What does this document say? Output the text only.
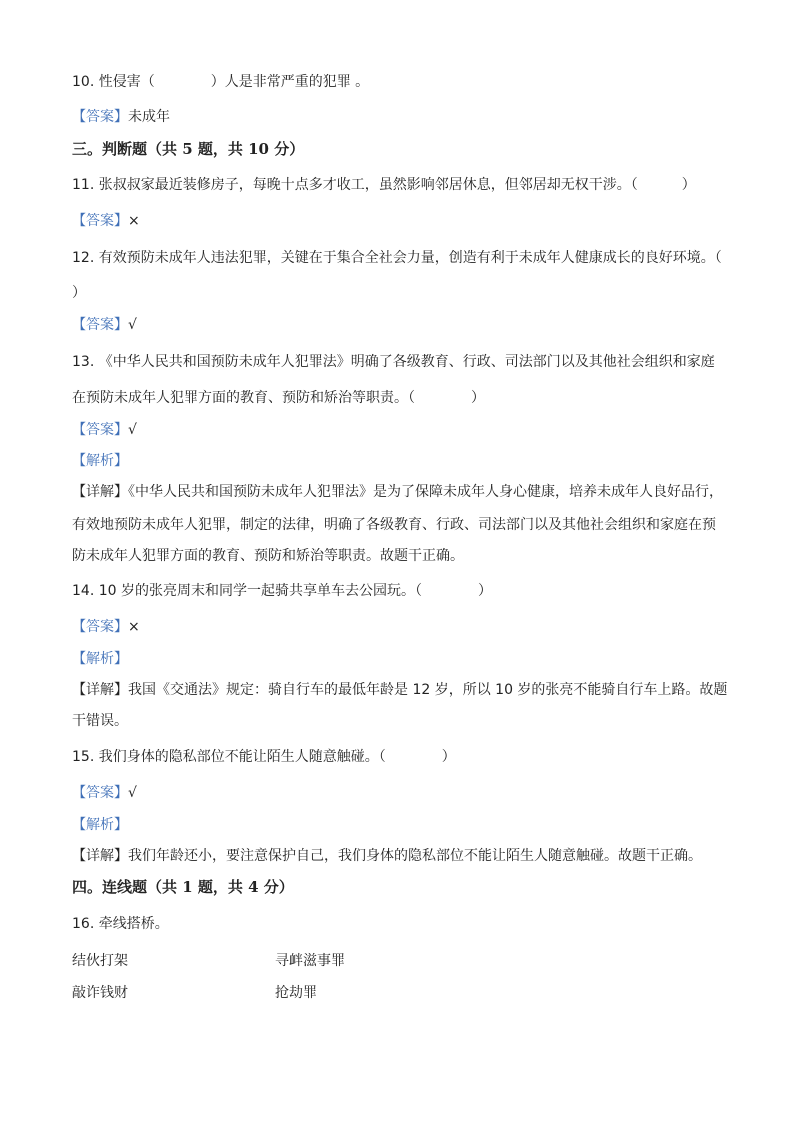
10. 性侵害（	）人是非常严重的犯罪 。
【答案】未成年
三。判断题（共 5 题，共 10 分）
11. 张叔叔家最近装修房子，每晚十点多才收工，虽然影响邻居休息，但邻居却无权干涉。（	）
【答案】×
12. 有效预防未成年人违法犯罪，关键在于集合全社会力量，创造有利于未成年人健康成长的良好环境。（
）
【答案】√
13. 《中华人民共和国预防未成年人犯罪法》明确了各级教育、行政、司法部门以及其他社会组织和家庭
在预防未成年人犯罪方面的教育、预防和矫治等职责。（	）
【答案】√
【解析】
【详解】《中华人民共和国预防未成年人犯罪法》是为了保障未成年人身心健康，培养未成年人良好品行，
有效地预防未成年人犯罪，制定的法律，明确了各级教育、行政、司法部门以及其他社会组织和家庭在预
防未成年人犯罪方面的教育、预防和矫治等职责。故题干正确。
14. 10 岁的张亮周末和同学一起骑共享单车去公园玩。（	）
【答案】×
【解析】
【详解】我国《交通法》规定：骑自行车的最低年龄是 12 岁，所以 10 岁的张亮不能骑自行车上路。故题
干错误。
15. 我们身体的隐私部位不能让陌生人随意触碰。（	）
【答案】√
【解析】
【详解】我们年龄还小，要注意保护自己，我们身体的隐私部位不能让陌生人随意触碰。故题干正确。
四。连线题（共 1 题，共 4 分）
16. 牵线搭桥。
结伙打架	寻衅滋事罪
敲诈钱财	抢劫罪
